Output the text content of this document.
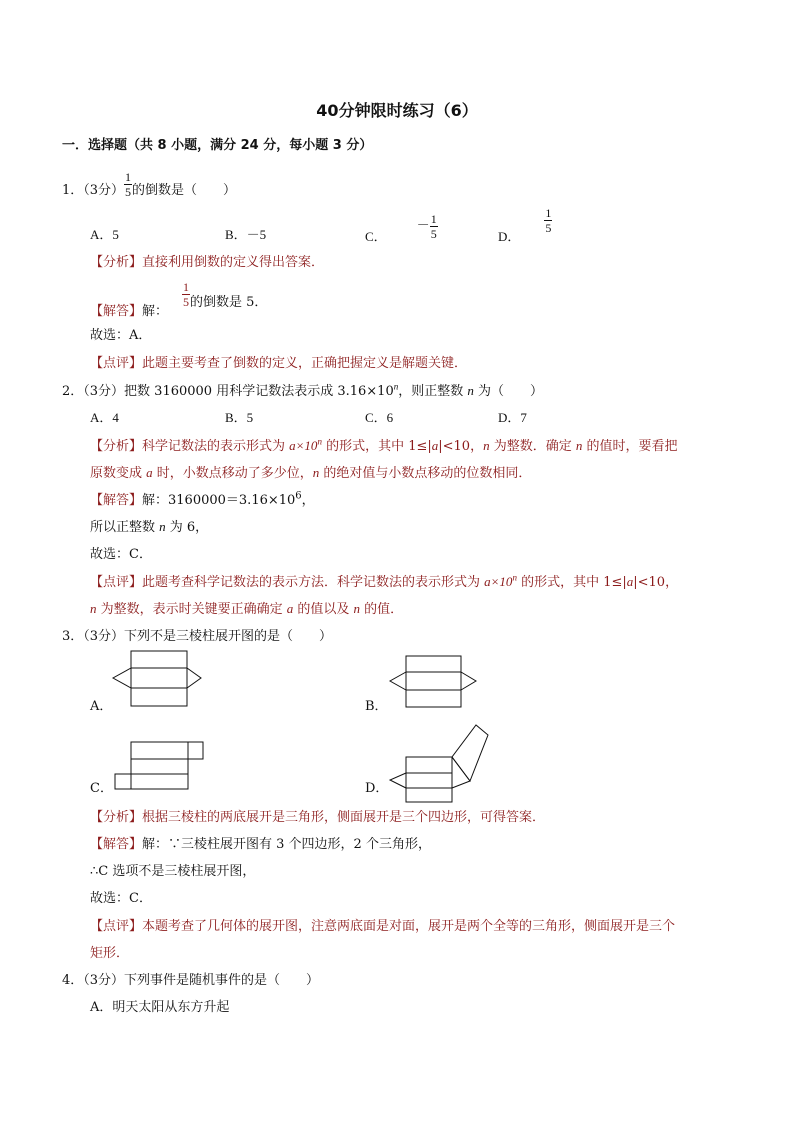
40分钟限时练习（6）
一．选择题（共 8 小题，满分 24 分，每小题 3 分）
1．（3分） $\frac{1}{5}$ 的倒数是（　　）
A．5	B．－5	C．－ $\frac{1}{5}$	D．
$\frac{1}{5}$
【分析】直接利用倒数的定义得出答案．
【解答】解：
$\frac{1}{5}$ 的倒数是 5．
故选：A．
【点评】此题主要考查了倒数的定义，正确把握定义是解题关键．
2．（3分）把数 3160000 用科学记数法表示成 $3.16\times 10^n$，则正整数 n 为（　　）
A．4	B．5	C．6	D．7
【分析】科学记数法的表示形式为 $a\times 10^n$ 的形式，其中 1≤|a|<10，n 为整数．确定 n 的值时，要看把
原数变成 a 时，小数点移动了多少位，n 的绝对值与小数点移动的位数相同．
【解答】解：$3160000=3.16\times 10^6$，
所以正整数 n 为 6，
故选：C．
【点评】此题考查科学记数法的表示方法．科学记数法的表示形式为 $a\times 10^n$ 的形式，其中 1≤|a|<10，
n 为整数，表示时关键要正确确定 a 的值以及 n 的值．
3．（3分）下列不是三棱柱展开图的是（　　）
A．	B．
C．	D．
【分析】根据三棱柱的两底展开是三角形，侧面展开是三个四边形，可得答案．
【解答】解：∵三棱柱展开图有 3 个四边形，2 个三角形，
∴C 选项不是三棱柱展开图，
故选：C．
【点评】本题考查了几何体的展开图，注意两底面是对面，展开是两个全等的三角形，侧面展开是三个
矩形．
4．（3分）下列事件是随机事件的是（　　）
A．明天太阳从东方升起
